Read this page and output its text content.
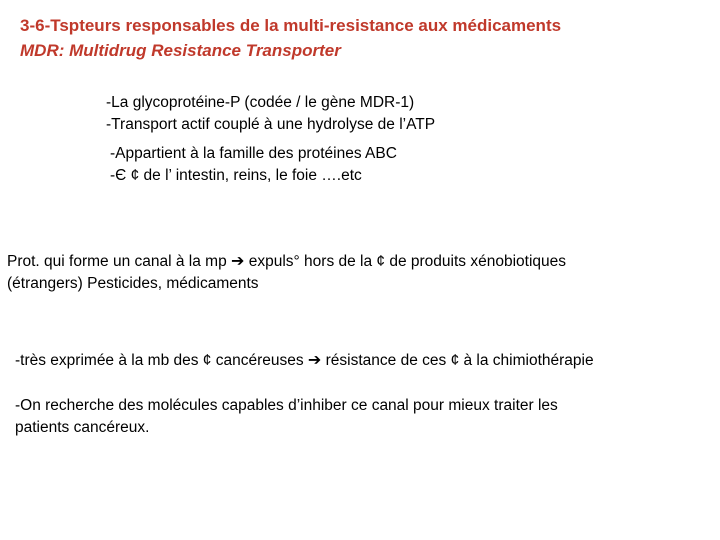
3-6-Tspteurs responsables de la multi-resistance aux médicaments
MDR: Multidrug Resistance Transporter

-La glycoprotéine-P (codée / le gène MDR-1)

-Transport actif couplé à une hydrolyse de l’ATP

-Appartient à la famille des protéines ABC

-Є ¢ de l’ intestin, reins, le foie ….etc

Prot. qui forme un canal à la mp ➔ expuls° hors de la ¢ de produits xénobiotiques

(étrangers) Pesticides, médicaments

-très exprimée à la mb des ¢ cancéreuses ➔ résistance de ces ¢ à la chimiothérapie

-On recherche des molécules capables d’inhiber ce canal pour mieux traiter les

patients cancéreux.
